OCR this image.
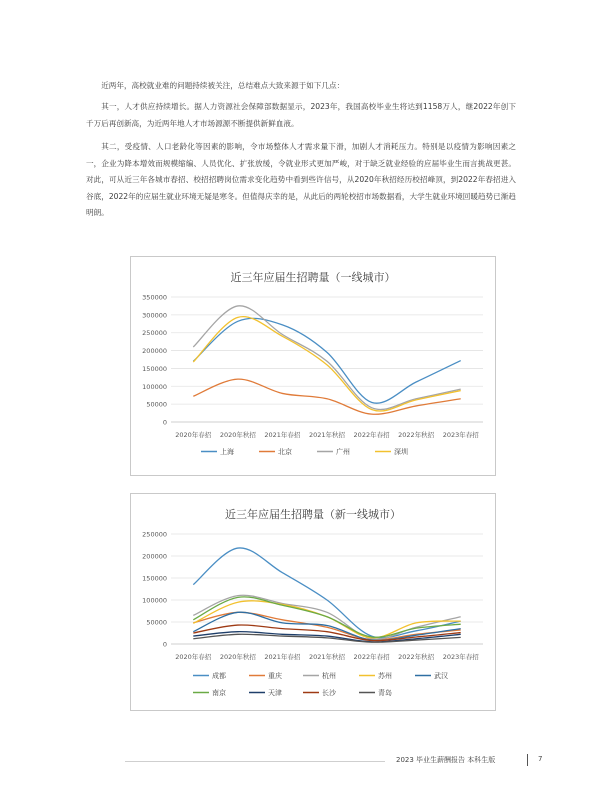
近两年，高校就业难的问题持续被关注，总结难点大致来源于如下几点：

其一，人才供应持续增长。据人力资源社会保障部数据显示，2023年，我国高校毕业生将达到1158万人，继2022年创下千万后再创新高，为近两年地人才市场源源不断提供新鲜血液。

其二，受疫情、人口老龄化等因素的影响，令市场整体人才需求量下滑，加剧人才消耗压力。特别是以疫情为影响因素之一，企业为降本增效而规模缩编、人员优化、扩张放缓，令就业形式更加严峻，对于缺乏就业经验的应届毕业生而言挑战更甚。对此，可从近三年各城市春招、校招招聘岗位需求变化趋势中看到些许信号，从2020年秋招经历校招峰顶，到2022年春招进入谷底，2022年的应届生就业环境无疑是寒冬。但值得庆幸的是，从此后的两轮校招市场数据看，大学生就业环境回暖趋势已渐趋明朗。

近三年应届生招聘量（一线城市）
0
50000
100000
150000
200000
250000
300000
350000
2020年春招 2020年秋招 2021年春招 2021年秋招 2022年春招 2022年秋招 2023年春招
上海	北京	广州	深圳
近三年应届生招聘量（新一线城市）
0
50000
100000
150000
200000
250000
2020年春招 2020年秋招 2021年春招 2021年秋招 2022年春招 2022年秋招 2023年春招
成都	重庆	杭州	苏州	武汉
南京	天津	长沙	青岛
2023 毕业生薪酬报告 本科生版	7
